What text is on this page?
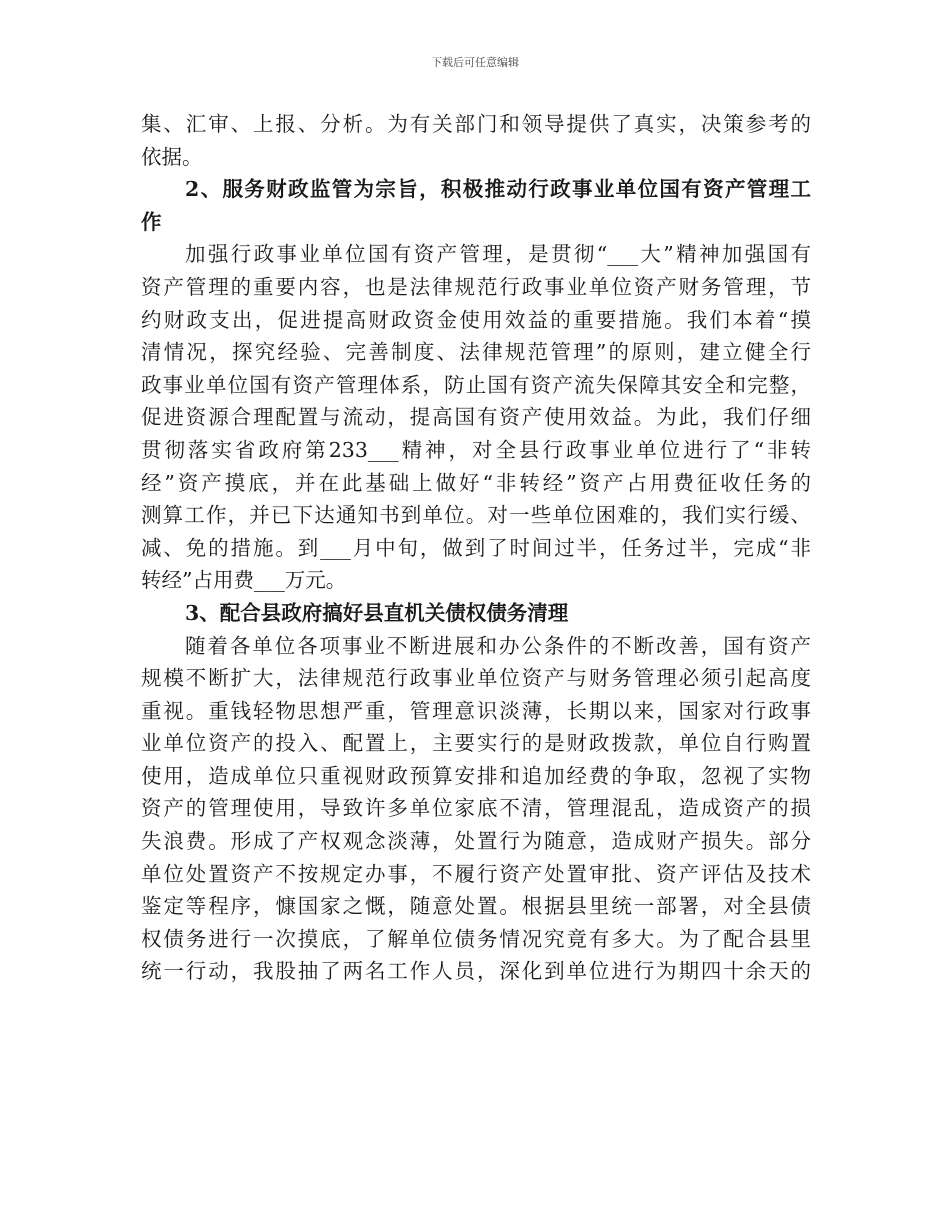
下载后可任意编辑
集、汇审、上报、分析。为有关部门和领导提供了真实，决策参考的
依据。
2、服务财政监管为宗旨，积极推动行政事业单位国有资产管理工
作
加强行政事业单位国有资产管理，是贯彻“___大”精神加强国有
资产管理的重要内容，也是法律规范行政事业单位资产财务管理，节
约财政支出，促进提高财政资金使用效益的重要措施。我们本着“摸
清情况，探究经验、完善制度、法律规范管理”的原则，建立健全行
政事业单位国有资产管理体系，防止国有资产流失保障其安全和完整，
促进资源合理配置与流动，提高国有资产使用效益。为此，我们仔细
贯彻落实省政府第233___精神，对全县行政事业单位进行了“非转
经”资产摸底，并在此基础上做好“非转经”资产占用费征收任务的
测算工作，并已下达通知书到单位。对一些单位困难的，我们实行缓、
减、免的措施。到___月中旬，做到了时间过半，任务过半，完成“非
转经”占用费___万元。
3、配合县政府搞好县直机关债权债务清理
随着各单位各项事业不断进展和办公条件的不断改善，国有资产
规模不断扩大，法律规范行政事业单位资产与财务管理必须引起高度
重视。重钱轻物思想严重，管理意识淡薄，长期以来，国家对行政事
业单位资产的投入、配置上，主要实行的是财政拨款，单位自行购置
使用，造成单位只重视财政预算安排和追加经费的争取，忽视了实物
资产的管理使用，导致许多单位家底不清，管理混乱，造成资产的损
失浪费。形成了产权观念淡薄，处置行为随意，造成财产损失。部分
单位处置资产不按规定办事，不履行资产处置审批、资产评估及技术
鉴定等程序，慷国家之慨，随意处置。根据县里统一部署，对全县债
权债务进行一次摸底，了解单位债务情况究竟有多大。为了配合县里
统一行动，我股抽了两名工作人员，深化到单位进行为期四十余天的
